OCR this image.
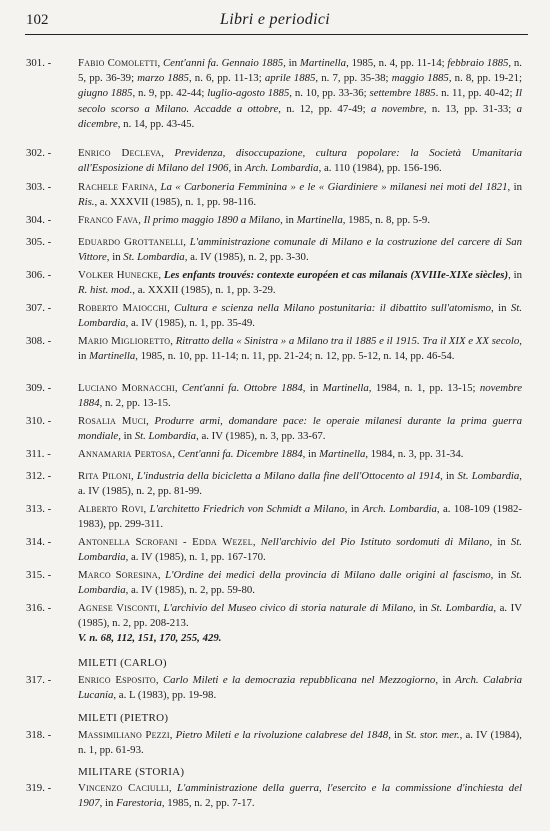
102	Libri e periodici
301. -	Fabio Comoletti, Cent'anni fa. Gennaio 1885, in Martinella, 1985, n. 4, pp. 11-14; febbraio 1885, n. 5, pp. 36-39; marzo 1885, n. 6, pp. 11-13; aprile 1885, n. 7, pp. 35-38; maggio 1885, n. 8, pp. 19-21; giugno 1885, n. 9, pp. 42-44; luglio-agosto 1885, n. 10, pp. 33-36; settembre 1885. n. 11, pp. 40-42; Il secolo scorso a Milano. Accadde a ottobre, n. 12, pp. 47-49; a novembre, n. 13, pp. 31-33; a dicembre, n. 14, pp. 43-45.
302. -	Enrico Decleva, Previdenza, disoccupazione, cultura popolare: la Società Umanitaria all'Esposizione di Milano del 1906, in Arch. Lombardia, a. 110 (1984), pp. 156-196.
303. -	Rachele Farina, La « Carboneria Femminina » e le « Giardiniere » milanesi nei moti del 1821, in Ris., a. XXXVII (1985), n. 1, pp. 98-116.
304. -	Franco Fava, Il primo maggio 1890 a Milano, in Martinella, 1985, n. 8, pp. 5-9.
305. -	Eduardo Grottanelli, L'amministrazione comunale di Milano e la costruzione del carcere di San Vittore, in St. Lombardia, a. IV (1985), n. 2, pp. 3-30.
306. -	Volker Hunecke, Les enfants trouvés: contexte européen et cas milanais (XVIIIe-XIXe siècles), in R. hist. mod., a. XXXII (1985), n. 1, pp. 3-29.
307. -	Roberto Maiocchi, Cultura e scienza nella Milano postunitaria: il dibattito sull'atomismo, in St. Lombardia, a. IV (1985), n. 1, pp. 35-49.
308. -	Mario Miglioretto, Ritratto della « Sinistra » a Milano tra il 1885 e il 1915. Tra il XIX e XX secolo, in Martinella, 1985, n. 10, pp. 11-14; n. 11, pp. 21-24; n. 12, pp. 5-12, n. 14, pp. 46-54.
309. -	Luciano Mornacchi, Cent'anni fa. Ottobre 1884, in Martinella, 1984, n. 1, pp. 13-15; novembre 1884, n. 2, pp. 13-15.
310. -	Rosalia Muci, Produrre armi, domandare pace: le operaie milanesi durante la prima guerra mondiale, in St. Lombardia, a. IV (1985), n. 3, pp. 33-67.
311. -	Annamaria Pertosa, Cent'anni fa. Dicembre 1884, in Martinella, 1984, n. 3, pp. 31-34.
312. -	Rita Piloni, L'industria della bicicletta a Milano dalla fine dell'Ottocento al 1914, in St. Lombardia, a. IV (1985), n. 2, pp. 81-99.
313. -	Alberto Rovi, L'architetto Friedrich von Schmidt a Milano, in Arch. Lombardia, a. 108-109 (1982-1983), pp. 299-311.
314. -	Antonella Scrofani - Edda Wezel, Nell'archivio del Pio Istituto sordomuti di Milano, in St. Lombardia, a. IV (1985), n. 1, pp. 167-170.
315. -	Marco Soresina, L'Ordine dei medici della provincia di Milano dalle origini al fascismo, in St. Lombardia, a. IV (1985), n. 2, pp. 59-80.
316. -	Agnese Visconti, L'archivio del Museo civico di storia naturale di Milano, in St. Lombardia, a. IV (1985), n. 2, pp. 208-213.
V. n. 68, 112, 151, 170, 255, 429.
MILETI (CARLO)
317. -	Enrico Esposito, Carlo Mileti e la democrazia repubblicana nel Mezzogiorno, in Arch. Calabria Lucania, a. L (1983), pp. 19-98.
MILETI (PIETRO)
318. -	Massimiliano Pezzi, Pietro Mileti e la rivoluzione calabrese del 1848, in St. stor. mer., a. IV (1984), n. 1, pp. 61-93.
MILITARE (STORIA)
319. -	Vincenzo Caciulli, L'amministrazione della guerra, l'esercito e la commissione d'inchiesta del 1907, in Farestoria, 1985, n. 2, pp. 7-17.
